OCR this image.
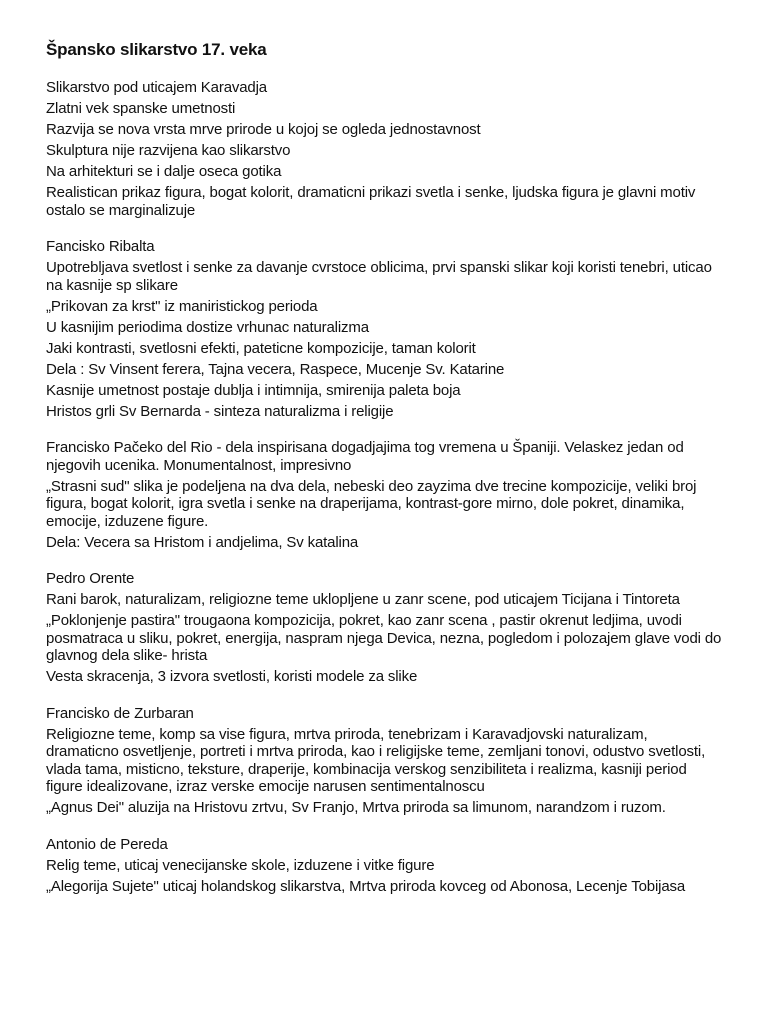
Špansko slikarstvo 17. veka

Slikarstvo pod uticajem Karavadja

Zlatni vek spanske umetnosti

Razvija se nova vrsta mrve prirode u kojoj se ogleda jednostavnost

Skulptura nije razvijena kao slikarstvo

Na arhitekturi se i dalje oseca gotika

Realistican prikaz figura, bogat kolorit, dramaticni prikazi svetla i senke, ljudska figura je glavni motiv ostalo se marginalizuje

Fancisko Ribalta

Upotrebljava svetlost i senke za davanje cvrstoce oblicima, prvi spanski slikar koji koristi tenebri, uticao na kasnije sp slikare

„Prikovan za krst" iz maniristickog perioda

U kasnijim periodima dostize vrhunac naturalizma

Jaki kontrasti, svetlosni efekti, pateticne kompozicije, taman kolorit

Dela : Sv Vinsent ferera, Tajna vecera, Raspece, Mucenje Sv. Katarine

Kasnije umetnost postaje dublja i intimnija, smirenija paleta boja

Hristos grli Sv Bernarda - sinteza naturalizma i religije

Francisko Pačeko del Rio - dela inspirisana dogadjajima tog vremena u Španiji. Velaskez jedan od njegovih ucenika. Monumentalnost, impresivno

„Strasni sud" slika je podeljena na dva dela, nebeski deo zayzima dve trecine kompozicije, veliki broj figura, bogat kolorit, igra svetla i senke na draperijama, kontrast-gore mirno, dole pokret, dinamika, emocije, izduzene figure.

Dela: Vecera sa Hristom i andjelima, Sv katalina

Pedro Orente

Rani barok, naturalizam, religiozne teme uklopljene u zanr scene, pod uticajem Ticijana i Tintoreta

„Poklonjenje pastira" trougaona kompozicija, pokret, kao zanr scena , pastir okrenut ledjima, uvodi posmatraca u sliku, pokret, energija, naspram njega Devica, nezna, pogledom i polozajem glave vodi do glavnog dela slike- hrista

Vesta skracenja, 3 izvora svetlosti, koristi modele za slike

Francisko de Zurbaran

Religiozne teme, komp sa vise figura, mrtva priroda, tenebrizam i Karavadjovski naturalizam, dramaticno osvetljenje, portreti i mrtva priroda, kao i religijske teme, zemljani tonovi, odustvo svetlosti, vlada tama, misticno, teksture, draperije, kombinacija verskog senzibiliteta i realizma, kasniji period figure idealizovane, izraz verske emocije narusen sentimentalnoscu

„Agnus Dei" aluzija na Hristovu zrtvu, Sv Franjo, Mrtva priroda sa limunom, narandzom i ruzom.

Antonio de Pereda

Relig teme, uticaj venecijanske skole, izduzene i vitke figure

„Alegorija Sujete" uticaj holandskog slikarstva, Mrtva priroda kovceg od Abonosa, Lecenje Tobijasa
